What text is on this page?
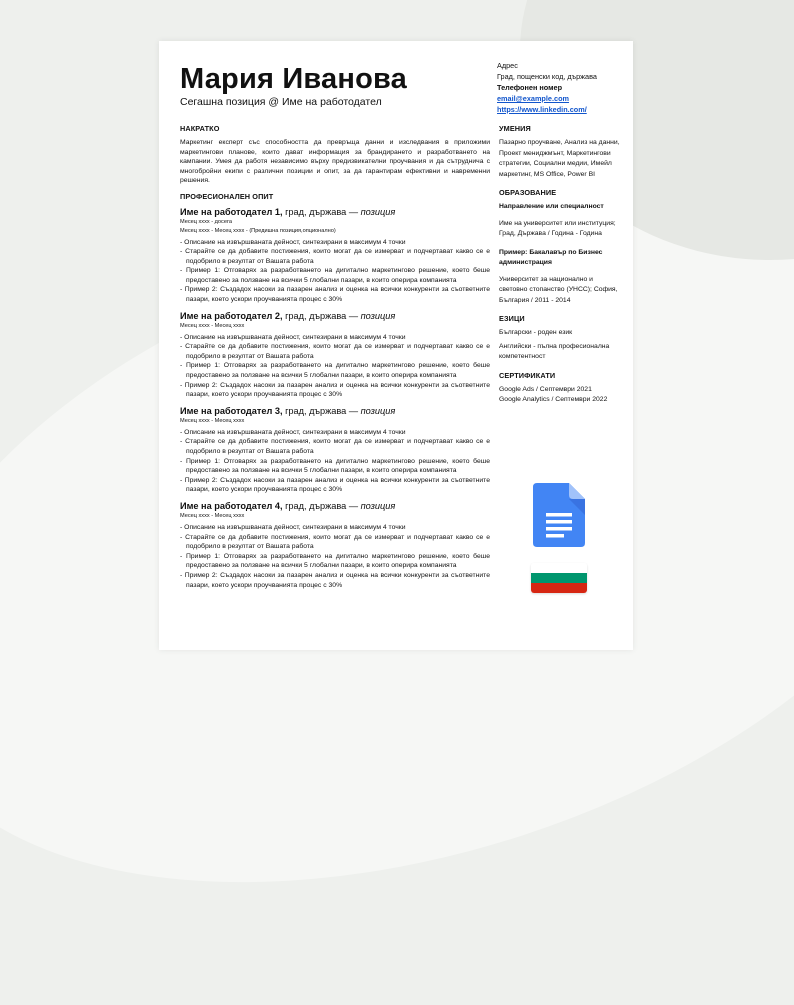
Мария Иванова
Сегашна позиция @ Име на работодател
Адрес
Град, пощенски код, държава
Телефонен номер
email@example.com
https://www.linkedin.com/
НАКРАТКО
Маркетинг експерт със способността да превръща данни и изследвания в приложими маркетингови планове, които дават информация за брандирането и разработването на кампании. Умея да работя независимо върху предизвикателни проучвания и да сътруднича с многобройни екипи с различни позиции и опит, за да гарантирам ефективни и навременни решения.
ПРОФЕСИОНАЛЕН ОПИТ
Име на работодател 1, град, държава — позиция
Месец хххх - досега
Месец хххх - Месец хххх - (Предишна позиция,опционално)
- Описание на извършваната дейност, синтезирани в максимум 4 точки
- Старайте се да добавите постижения, които могат да се измерват и подчертават какво се е подобрило в резултат от Вашата работа
- Пример 1: Отговарях за разработването на дигитално маркетингово решение, което беше предоставено за ползване на всички 5 глобални пазари, в които оперира компанията
- Пример 2: Създадох насоки за пазарен анализ и оценка на всички конкуренти за съответните пазари, което ускори проучванията процес с 30%
Име на работодател 2, град, държава — позиция
Месец хххх - Месец хххх
- Описание на извършваната дейност, синтезирани в максимум 4 точки
- Старайте се да добавите постижения, които могат да се измерват и подчертават какво се е подобрило в резултат от Вашата работа
- Пример 1: Отговарях за разработването на дигитално маркетингово решение, което беше предоставено за ползване на всички 5 глобални пазари, в които оперира компанията
- Пример 2: Създадох насоки за пазарен анализ и оценка на всички конкуренти за съответните пазари, което ускори проучванията процес с 30%
Име на работодател 3, град, държава — позиция
Месец хххх - Месец хххх
- Описание на извършваната дейност, синтезирани в максимум 4 точки
- Старайте се да добавите постижения, които могат да се измерват и подчертават какво се е подобрило в резултат от Вашата работа
- Пример 1: Отговарях за разработването на дигитално маркетингово решение, което беше предоставено за ползване на всички 5 глобални пазари, в които оперира компанията
- Пример 2: Създадох насоки за пазарен анализ и оценка на всички конкуренти за съответните пазари, което ускори проучванията процес с 30%
Име на работодател 4, град, държава — позиция
Месец хххх - Месец хххх
- Описание на извършваната дейност, синтезирани в максимум 4 точки
- Старайте се да добавите постижения, които могат да се измерват и подчертават какво се е подобрило в резултат от Вашата работа
- Пример 1: Отговарях за разработването на дигитално маркетингово решение, което беше предоставено за ползване на всички 5 глобални пазари, в които оперира компанията
- Пример 2: Създадох насоки за пазарен анализ и оценка на всички конкуренти за съответните пазари, което ускори проучванията процес с 30%
УМЕНИЯ
Пазарно проучване, Анализ на данни, Проект мениджмънт, Маркетингови стратегии, Социални медии, Имейл маркетинг, MS Office, Power BI
ОБРАЗОВАНИЕ
Направление или специалност
Име на университет или институция; Град, Държава / Година - Година
Пример: Бакалавър по Бизнес администрация
Университет за национално и световно стопанство (УНСС); София, България / 2011 - 2014
ЕЗИЦИ
Български - роден език
Английски - пълна професионална компетентност
СЕРТИФИКАТИ
Google Ads / Септември 2021
Google Analytics / Септември 2022
